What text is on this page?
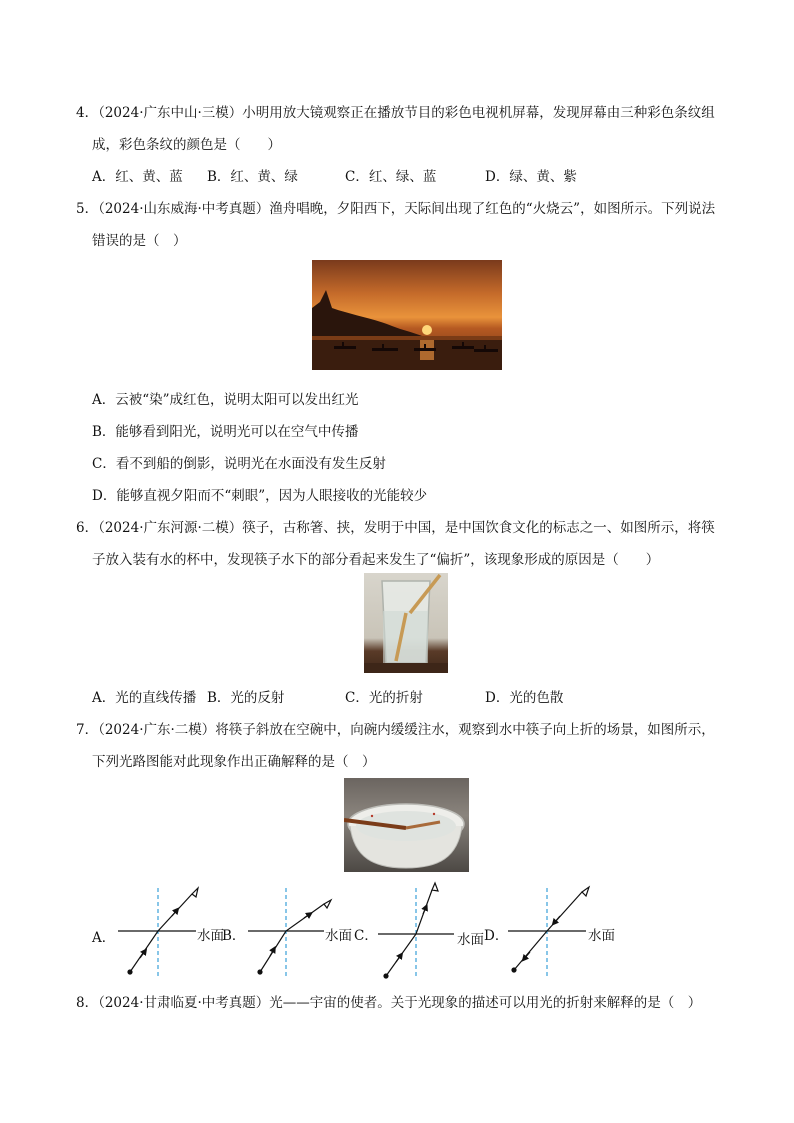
4．（2024·广东中山·三模）小明用放大镜观察正在播放节目的彩色电视机屏幕，发现屏幕由三种彩色条纹组
成，彩色条纹的颜色是（　　）
A．红、黄、蓝 B．红、黄、绿	C．红、绿、蓝	D．绿、黄、紫
5．（2024·山东威海·中考真题）渔舟唱晚，夕阳西下，天际间出现了红色的“火烧云”，如图所示。下列说法
错误的是（　）
A．云被“染”成红色，说明太阳可以发出红光
B．能够看到阳光，说明光可以在空气中传播
C．看不到船的倒影，说明光在水面没有发生反射
D．能够直视夕阳而不“刺眼”，因为人眼接收的光能较少
6．（2024·广东河源·二模）筷子，古称箸、挟，发明于中国，是中国饮食文化的标志之一、如图所示，将筷
子放入装有水的杯中，发现筷子水下的部分看起来发生了“偏折”，该现象形成的原因是（　　）
A．光的直线传播 B．光的反射	C．光的折射	D．光的色散
7．（2024·广东·二模）将筷子斜放在空碗中，向碗内缓缓注水，观察到水中筷子向上折的场景，如图所示，
下列光路图能对此现象作出正确解释的是（　）
A．	水面
B．	水面 C．	水面 D．	水面
8．（2024·甘肃临夏·中考真题）光——宇宙的使者。关于光现象的描述可以用光的折射来解释的是（　）
